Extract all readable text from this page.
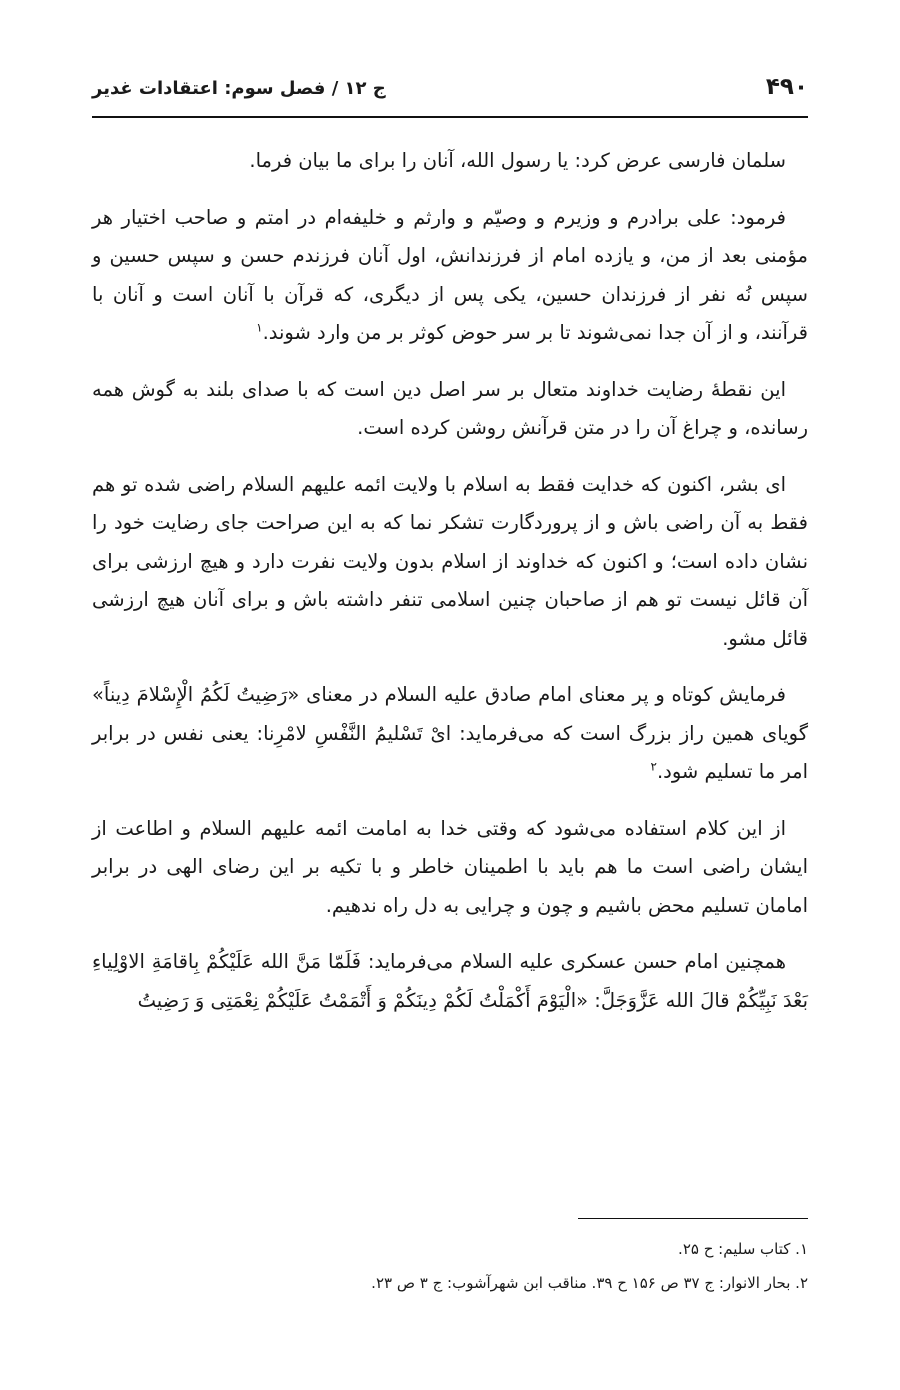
۴۹۰
ج ۱۲ / فصل سوم: اعتقادات غدیر

سلمان فارسی عرض کرد: یا رسول الله، آنان را برای ما بیان فرما.

فرمود: علی برادرم و وزیرم و وصیّم و وارثم و خلیفه‌ام در امتم و صاحب اختیار هر مؤمنی بعد از من، و یازده امام از فرزندانش، اول آنان فرزندم حسن و سپس حسین و سپس نُه نفر از فرزندان حسین، یکی پس از دیگری، که قرآن با آنان است و آنان با قرآنند، و از آن جدا نمی‌شوند تا بر سر حوض کوثر بر من وارد شوند.$^۱$

این نقطهٔ رضایت خداوند متعال بر سر اصل دین است که با صدای بلند به گوش همه رسانده، و چراغ آن را در متن قرآنش روشن کرده است.

ای بشر، اکنون که خدایت فقط به اسلام با ولایت ائمه علیهم السلام راضی شده تو هم فقط به آن راضی باش و از پروردگارت تشکر نما که به این صراحت جای رضایت خود را نشان داده است؛ و اکنون که خداوند از اسلام بدون ولایت نفرت دارد و هیچ ارزشی برای آن قائل نیست تو هم از صاحبان چنین اسلامی تنفر داشته باش و برای آنان هیچ ارزشی قائل مشو.

فرمایش کوتاه و پر معنای امام صادق علیه السلام در معنای «رَضِیتُ لَکُمُ الْإِسْلامَ دِیناً» گویای همین راز بزرگ است که می‌فرماید: ایْ تَسْلیمُ النَّفْسِ لامْرِنا: یعنی نفس در برابر امر ما تسلیم شود.$^۲$

از این کلام استفاده می‌شود که وقتی خدا به امامت ائمه علیهم السلام و اطاعت از ایشان راضی است ما هم باید با اطمینان خاطر و با تکیه بر این رضای الهی در برابر امامان تسلیم محض باشیم و چون و چرایی به دل راه ندهیم.

همچنین امام حسن عسکری علیه السلام می‌فرماید: فَلَمّا مَنَّ الله عَلَیْکُمْ بِاقامَةِ الاوْلِیاءِ بَعْدَ نَبِیِّکُمْ قالَ الله عَزَّوَجَلَّ: «الْیَوْمَ أَکْمَلْتُ لَکُمْ دِینَکُمْ وَ أَتْمَمْتُ عَلَیْکُمْ نِعْمَتِی وَ رَضِیتُ

۱. کتاب سلیم: ح ۲۵.

۲. بحار الانوار: ج ۳۷ ص ۱۵۶ ح ۳۹. مناقب ابن شهرآشوب: ج ۳ ص ۲۳.
